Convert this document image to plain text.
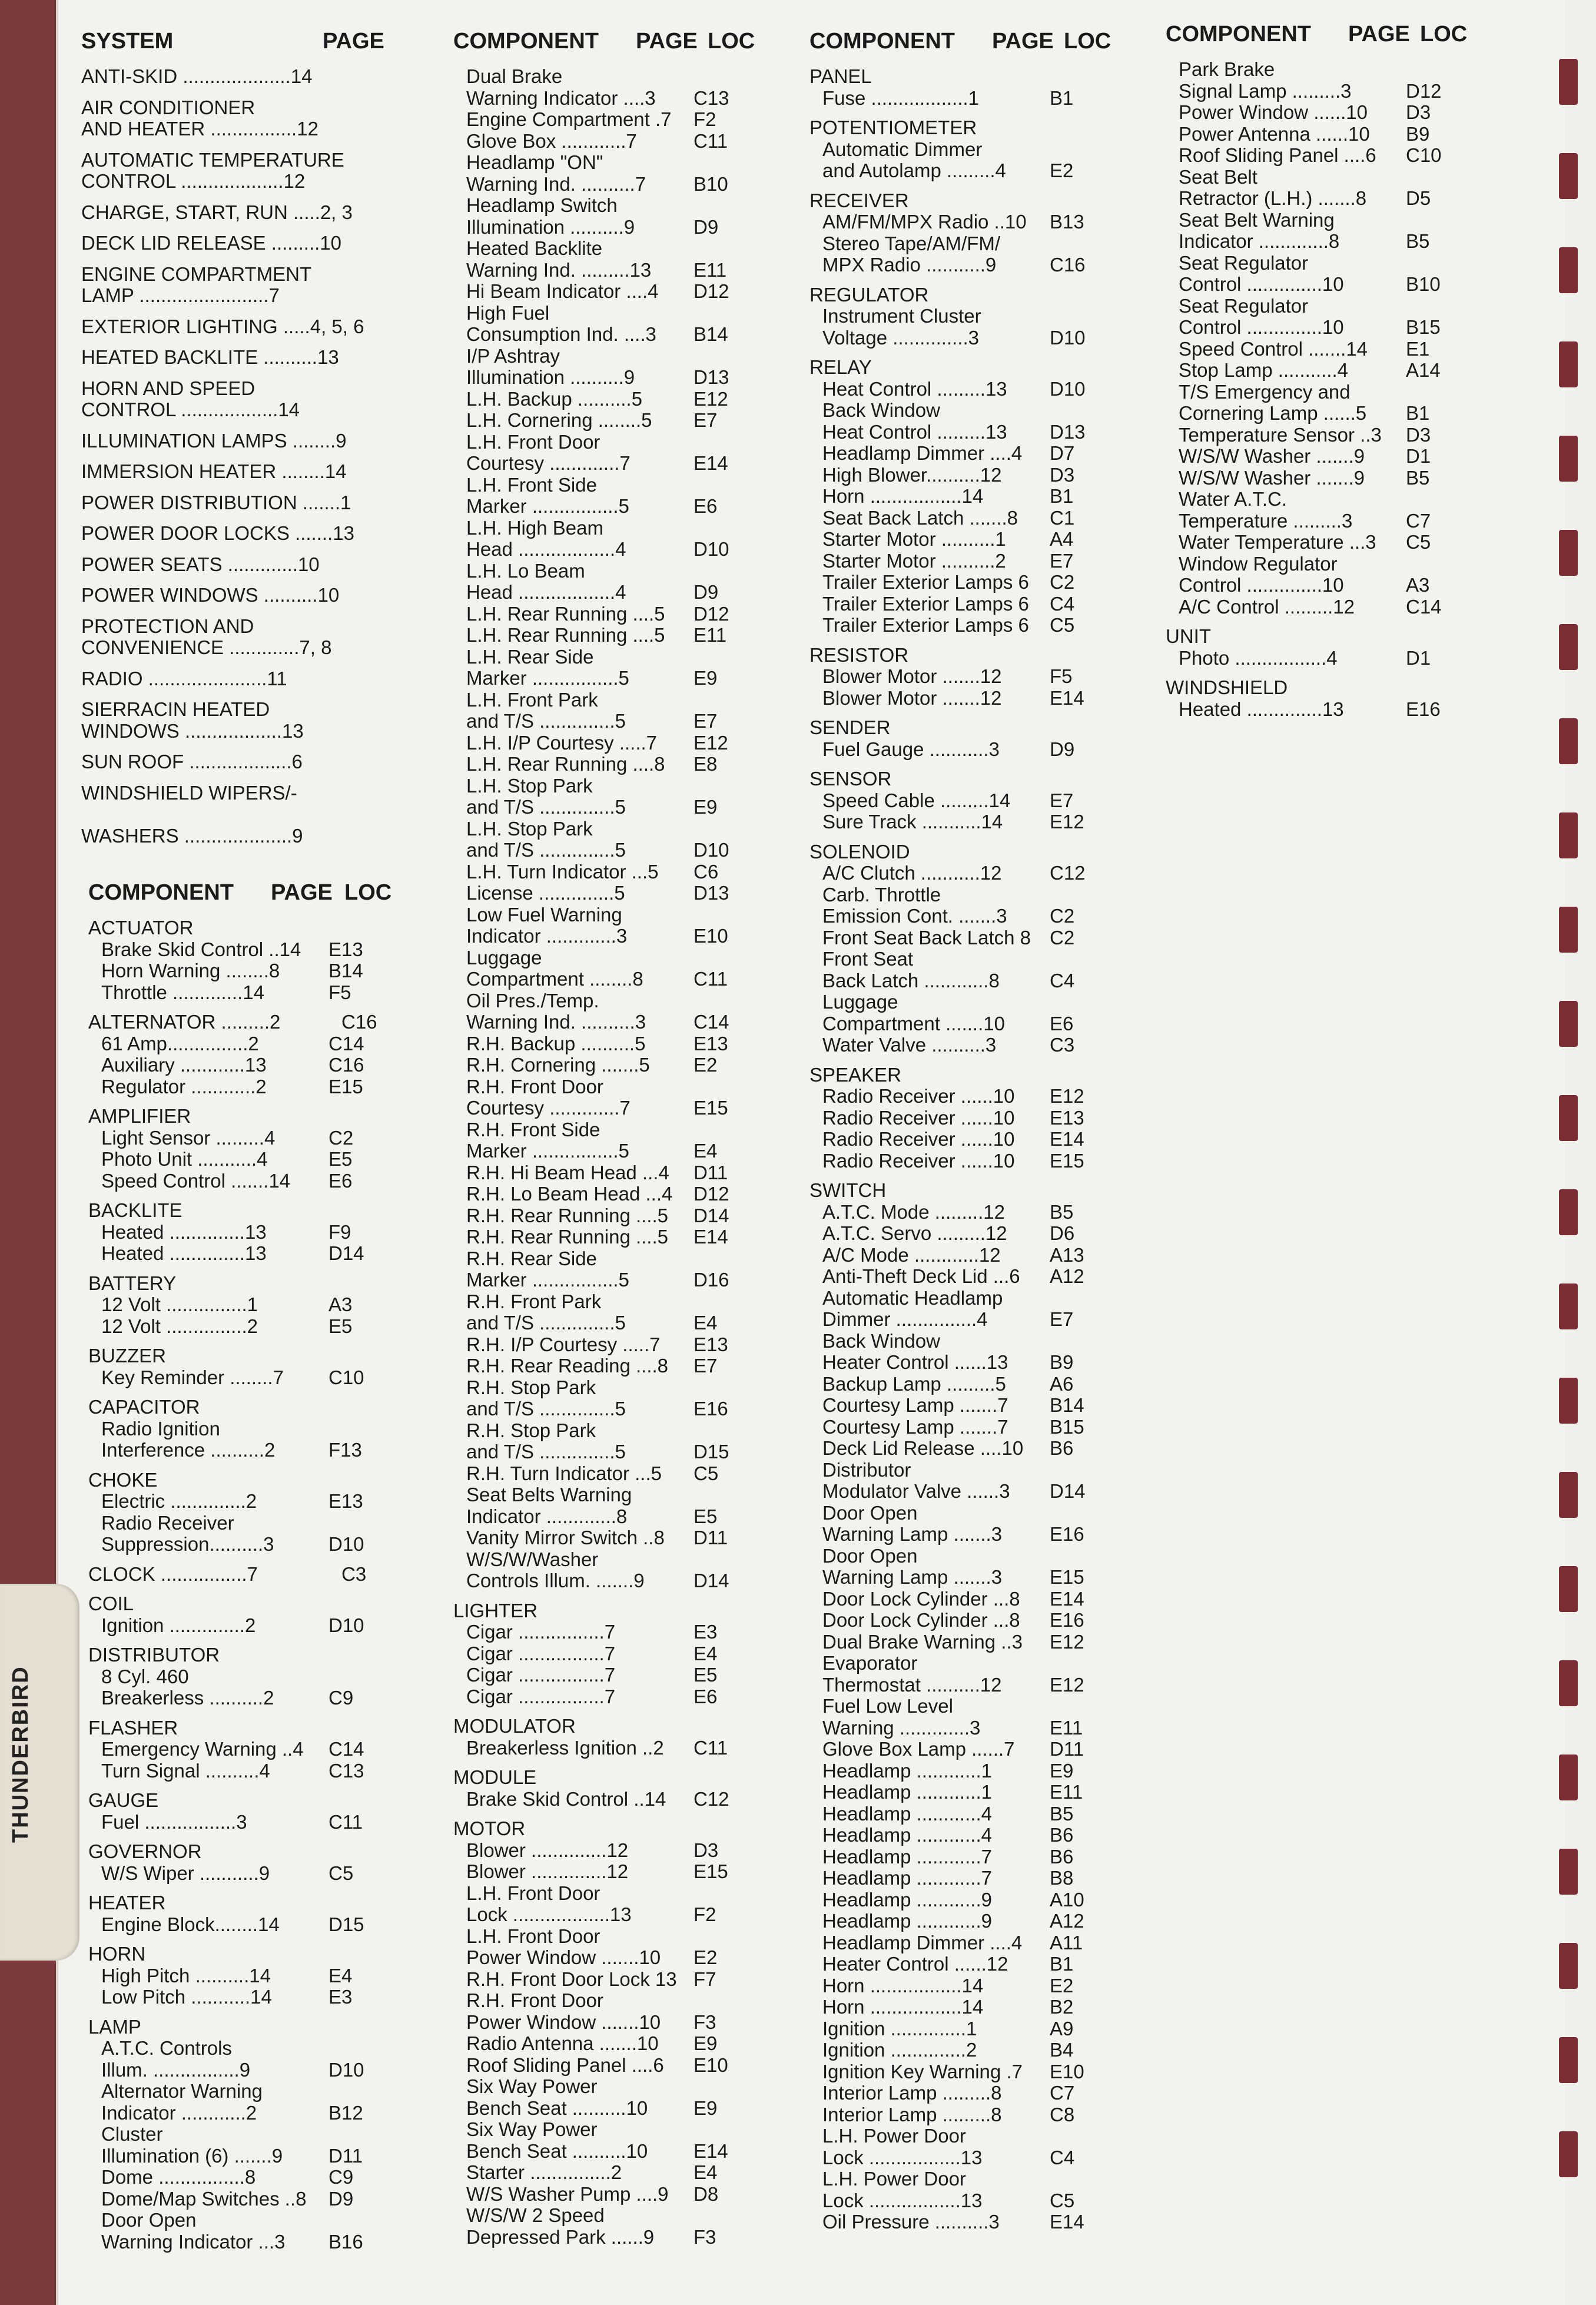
THUNDERBIRD
SYSTEM	PAGE
ANTI-SKID ....................14
AIR CONDITIONER
AND HEATER ................12
AUTOMATIC TEMPERATURE
CONTROL ...................12
CHARGE, START, RUN .....2, 3
DECK LID RELEASE .........10
ENGINE COMPARTMENT
LAMP ........................7
EXTERIOR LIGHTING .....4, 5, 6
HEATED BACKLITE ..........13
HORN AND SPEED
CONTROL ..................14
ILLUMINATION LAMPS ........9
IMMERSION HEATER ........14
POWER DISTRIBUTION .......1
POWER DOOR LOCKS .......13
POWER SEATS .............10
POWER WINDOWS ..........10
PROTECTION AND
CONVENIENCE .............7, 8
RADIO ......................11
SIERRACIN HEATED
WINDOWS ..................13
SUN ROOF ...................6
WINDSHIELD WIPERS/-

WASHERS ....................9
COMPONENT PAGE LOC
ACTUATOR
Brake Skid Control ..14	E13
Horn Warning ........8	B14
Throttle .............14	F5
ALTERNATOR .........2	C16
61 Amp...............2	C14
Auxiliary ............13	C16
Regulator ............2	E15
AMPLIFIER
Light Sensor .........4	C2
Photo Unit ...........4	E5
Speed Control .......14	E6
BACKLITE
Heated ..............13	F9
Heated ..............13	D14
BATTERY
12 Volt ...............1	A3
12 Volt ...............2	E5
BUZZER
Key Reminder ........7	C10
CAPACITOR
Radio Ignition
Interference ..........2	F13
CHOKE
Electric ..............2	E13
Radio Receiver
Suppression..........3	D10
CLOCK ................7	C3
COIL
Ignition ..............2	D10
DISTRIBUTOR
8 Cyl. 460
Breakerless ..........2	C9
FLASHER
Emergency Warning ..4	C14
Turn Signal ..........4	C13
GAUGE
Fuel .................3	C11
GOVERNOR
W/S Wiper ...........9	C5
HEATER
Engine Block........14	D15
HORN
High Pitch ..........14	E4
Low Pitch ...........14	E3
LAMP
A.T.C. Controls
Illum. ................9	D10
Alternator Warning
Indicator ............2	B12
Cluster
Illumination (6) .......9	D11
Dome ................8	C9
Dome/Map Switches ..8	D9
Door Open
Warning Indicator ...3	B16
COMPONENT PAGE LOC
Dual Brake
Warning Indicator ....3	C13
Engine Compartment .7	F2
Glove Box ............7	C11
Headlamp "ON"
Warning Ind. ..........7	B10
Headlamp Switch
Illumination ..........9	D9
Heated Backlite
Warning Ind. .........13	E11
Hi Beam Indicator ....4	D12
High Fuel
Consumption Ind. ....3	B14
I/P Ashtray
Illumination ..........9	D13
L.H. Backup ..........5	E12
L.H. Cornering ........5	E7
L.H. Front Door
Courtesy .............7	E14
L.H. Front Side
Marker ................5	E6
L.H. High Beam
Head ..................4	D10
L.H. Lo Beam
Head ..................4	D9
L.H. Rear Running ....5	D12
L.H. Rear Running ....5	E11
L.H. Rear Side
Marker ................5	E9
L.H. Front Park
and T/S ..............5	E7
L.H. I/P Courtesy .....7	E12
L.H. Rear Running ....8	E8
L.H. Stop Park
and T/S ..............5	E9
L.H. Stop Park
and T/S ..............5	D10
L.H. Turn Indicator ...5	C6
License ..............5	D13
Low Fuel Warning
Indicator .............3	E10
Luggage
Compartment ........8	C11
Oil Pres./Temp.
Warning Ind. ..........3	C14
R.H. Backup ..........5	E13
R.H. Cornering .......5	E2
R.H. Front Door
Courtesy .............7	E15
R.H. Front Side
Marker ................5	E4
R.H. Hi Beam Head ...4	D11
R.H. Lo Beam Head ...4	D12
R.H. Rear Running ....5	D14
R.H. Rear Running ....5	E14
R.H. Rear Side
Marker ................5	D16
R.H. Front Park
and T/S ..............5	E4
R.H. I/P Courtesy .....7	E13
R.H. Rear Reading ....8	E7
R.H. Stop Park
and T/S ..............5	E16
R.H. Stop Park
and T/S ..............5	D15
R.H. Turn Indicator ...5	C5
Seat Belts Warning
Indicator .............8	E5
Vanity Mirror Switch ..8	D11
W/S/W/Washer
Controls Illum. .......9	D14
LIGHTER
Cigar ................7	E3
Cigar ................7	E4
Cigar ................7	E5
Cigar ................7	E6
MODULATOR
Breakerless Ignition ..2	C11
MODULE
Brake Skid Control ..14	C12
MOTOR
Blower ..............12	D3
Blower ..............12	E15
L.H. Front Door
Lock ..................13	F2
L.H. Front Door
Power Window .......10	E2
R.H. Front Door Lock 13 F7
R.H. Front Door
Power Window .......10	F3
Radio Antenna .......10	E9
Roof Sliding Panel ....6	E10
Six Way Power
Bench Seat ..........10	E9
Six Way Power
Bench Seat ..........10	E14
Starter ...............2	E4
W/S Washer Pump ....9	D8
W/S/W 2 Speed
Depressed Park ......9	F3
COMPONENT PAGE LOC
PANEL
Fuse ..................1	B1
POTENTIOMETER
Automatic Dimmer
and Autolamp .........4	E2
RECEIVER
AM/FM/MPX Radio ..10	B13
Stereo Tape/AM/FM/
MPX Radio ...........9	C16
REGULATOR
Instrument Cluster
Voltage ..............3	D10
RELAY
Heat Control .........13	D10
Back Window
Heat Control .........13	D13
Headlamp Dimmer ....4	D7
High Blower..........12	D3
Horn .................14	B1
Seat Back Latch .......8	C1
Starter Motor ..........1	A4
Starter Motor ..........2	E7
Trailer Exterior Lamps 6	C2
Trailer Exterior Lamps 6	C4
Trailer Exterior Lamps 6	C5
RESISTOR
Blower Motor .......12	F5
Blower Motor .......12	E14
SENDER
Fuel Gauge ...........3	D9
SENSOR
Speed Cable .........14	E7
Sure Track ...........14	E12
SOLENOID
A/C Clutch ...........12	C12
Carb. Throttle
Emission Cont. .......3	C2
Front Seat Back Latch 8 C2
Front Seat
Back Latch ............8	C4
Luggage
Compartment .......10	E6
Water Valve ..........3	C3
SPEAKER
Radio Receiver ......10	E12
Radio Receiver ......10	E13
Radio Receiver ......10	E14
Radio Receiver ......10	E15
SWITCH
A.T.C. Mode .........12	B5
A.T.C. Servo .........12	D6
A/C Mode ............12	A13
Anti-Theft Deck Lid ...6	A12
Automatic Headlamp
Dimmer ...............4	E7
Back Window
Heater Control ......13	B9
Backup Lamp .........5	A6
Courtesy Lamp .......7	B14
Courtesy Lamp .......7	B15
Deck Lid Release ....10	B6
Distributor
Modulator Valve ......3	D14
Door Open
Warning Lamp .......3	E16
Door Open
Warning Lamp .......3	E15
Door Lock Cylinder ...8	E14
Door Lock Cylinder ...8	E16
Dual Brake Warning ..3	E12
Evaporator
Thermostat ..........12	E12
Fuel Low Level
Warning .............3	E11
Glove Box Lamp ......7	D11
Headlamp ............1	E9
Headlamp ............1	E11
Headlamp ............4	B5
Headlamp ............4	B6
Headlamp ............7	B6
Headlamp ............7	B8
Headlamp ............9	A10
Headlamp ............9	A12
Headlamp Dimmer ....4	A11
Heater Control ......12	B1
Horn .................14	E2
Horn .................14	B2
Ignition ..............1	A9
Ignition ..............2	B4
Ignition Key Warning .7	E10
Interior Lamp .........8	C7
Interior Lamp .........8	C8
L.H. Power Door
Lock .................13	C4
L.H. Power Door
Lock .................13	C5
Oil Pressure ..........3	E14
COMPONENT PAGE LOC
Park Brake
Signal Lamp .........3	D12
Power Window ......10	D3
Power Antenna ......10	B9
Roof Sliding Panel ....6	C10
Seat Belt
Retractor (L.H.) .......8	D5
Seat Belt Warning
Indicator .............8	B5
Seat Regulator
Control ..............10	B10
Seat Regulator
Control ..............10	B15
Speed Control .......14	E1
Stop Lamp ...........4	A14
T/S Emergency and
Cornering Lamp ......5	B1
Temperature Sensor ..3	D3
W/S/W Washer .......9	D1
W/S/W Washer .......9	B5
Water A.T.C.
Temperature .........3	C7
Water Temperature ...3	C5
Window Regulator
Control ..............10	A3
A/C Control .........12	C14
UNIT
Photo .................4	D1
WINDSHIELD
Heated ..............13	E16
